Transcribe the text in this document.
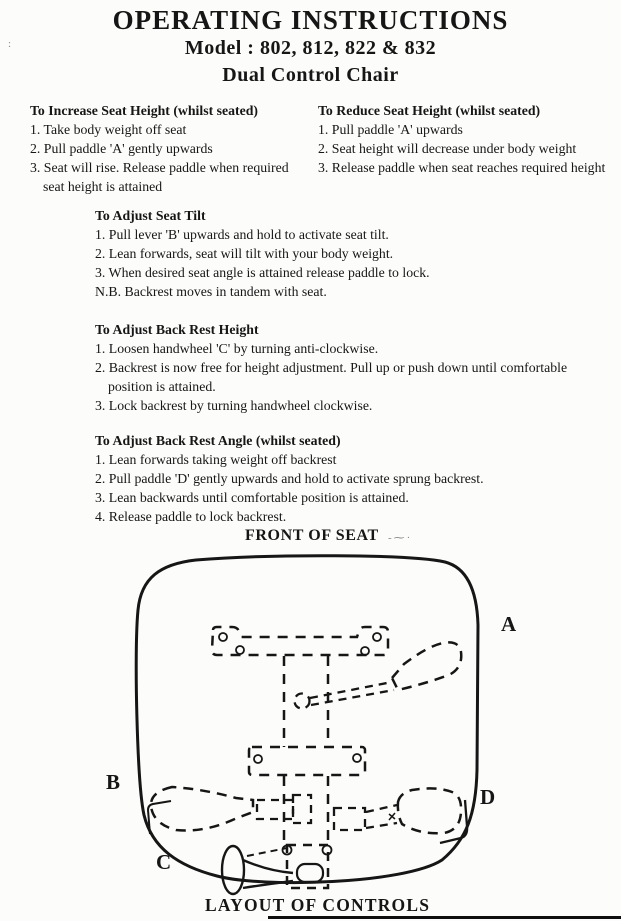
OPERATING INSTRUCTIONS
Model : 802, 812, 822 & 832
Dual Control Chair
:
To Increase Seat Height (whilst seated)
1. Take body weight off seat
2. Pull paddle 'A' gently upwards
3. Seat will rise. Release paddle when required seat height is attained
To Reduce Seat Height (whilst seated)
1. Pull paddle 'A' upwards
2. Seat height will decrease under body weight
3. Release paddle when seat reaches required height
To Adjust Seat Tilt
1. Pull lever 'B' upwards and hold to activate seat tilt.
2. Lean forwards, seat will tilt with your body weight.
3. When desired seat angle is attained release paddle to lock.
N.B. Backrest moves in tandem with seat.
To Adjust Back Rest Height
1. Loosen handwheel 'C' by turning anti-clockwise.
2. Backrest is now free for height adjustment. Pull up or push down until comfortable position is attained.
3. Lock backrest by turning handwheel clockwise.
To Adjust Back Rest Angle (whilst seated)
1. Lean forwards taking weight off backrest
2. Pull paddle 'D' gently upwards and hold to activate sprung backrest.
3. Lean backwards until comfortable position is attained.
4. Release paddle to lock backrest.
FRONT OF SEAT -⁓·
A
B
C
D
LAYOUT OF CONTROLS
